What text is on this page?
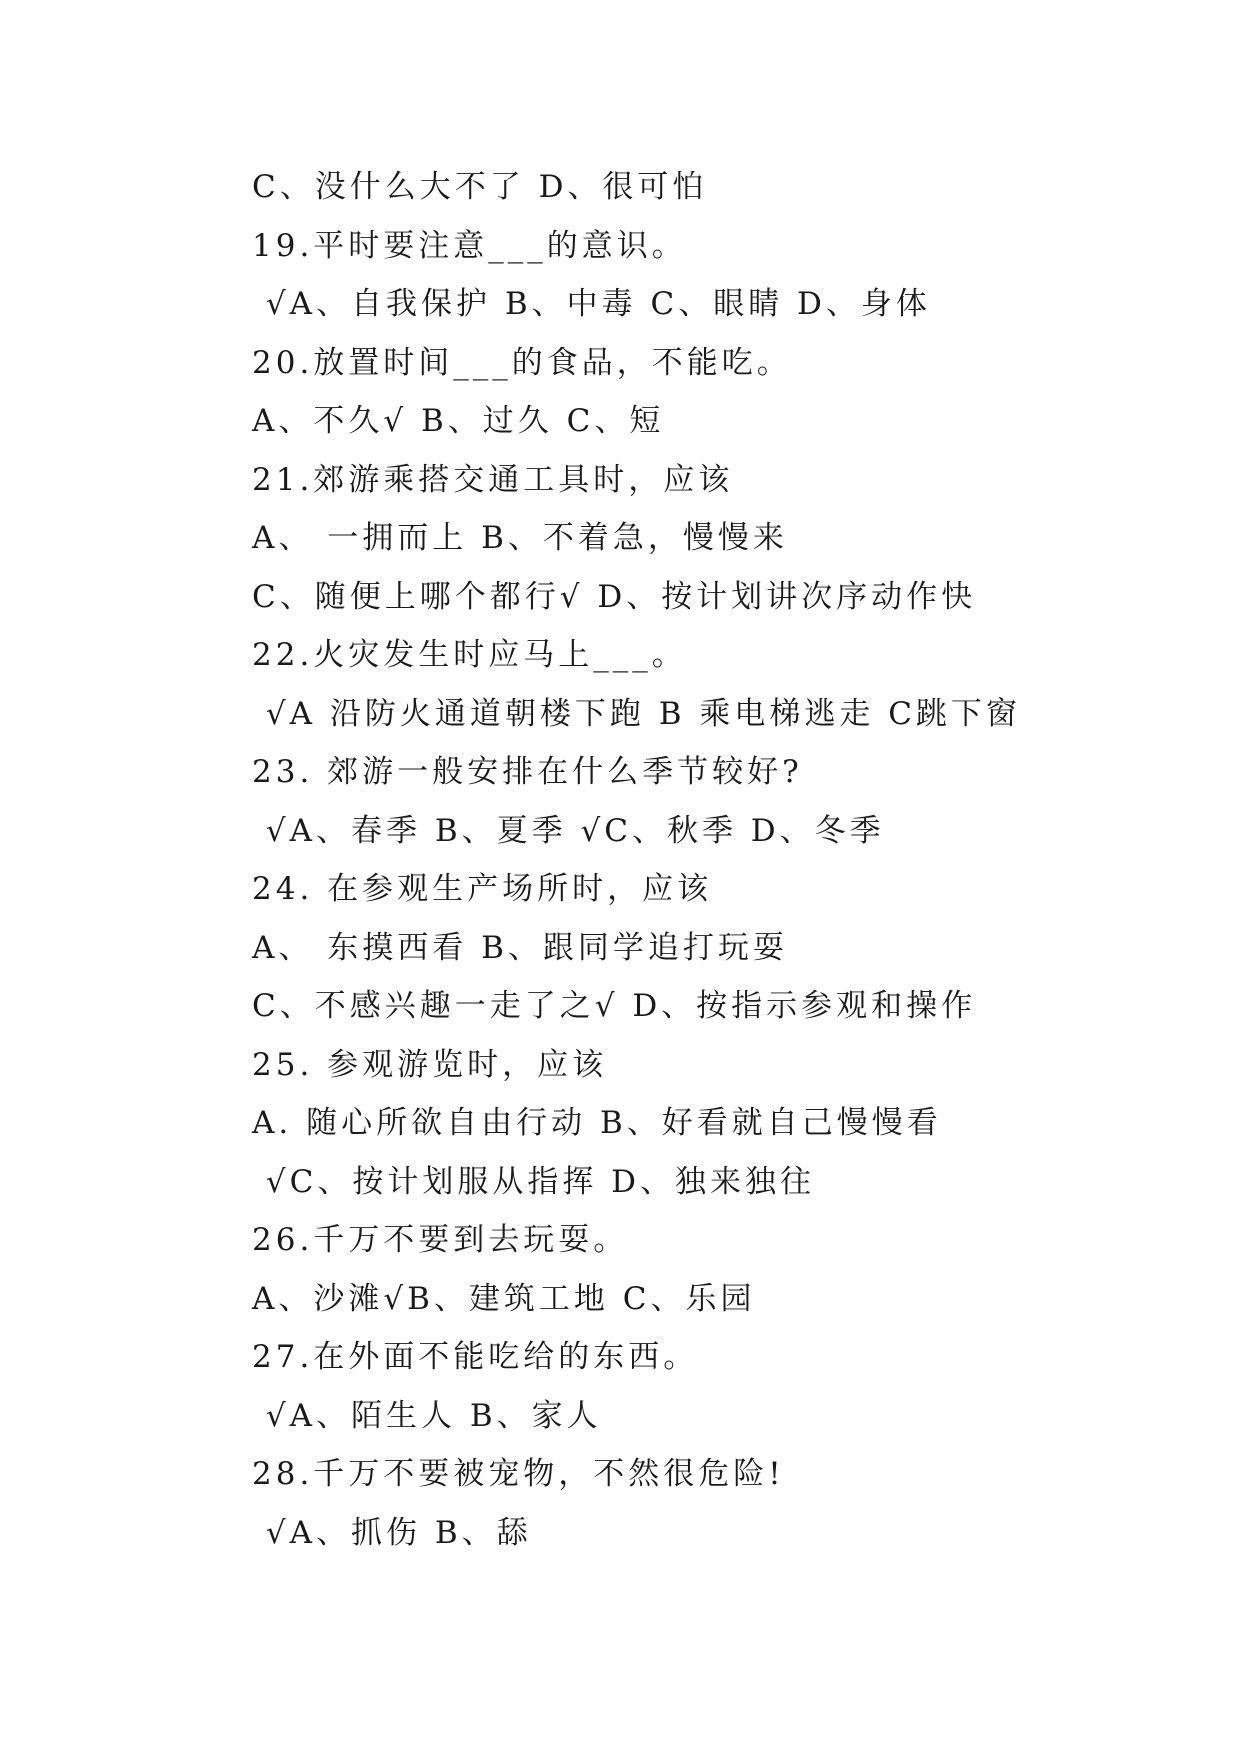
C、没什么大不了 D、很可怕
19.平时要注意___的意识。
√A、自我保护 B、中毒 C、眼睛 D、身体
20.放置时间___的食品，不能吃。
A、不久√ B、过久 C、短
21.郊游乘搭交通工具时，应该
A、 一拥而上 B、不着急，慢慢来
C、随便上哪个都行√ D、按计划讲次序动作快
22.火灾发生时应马上___。
√A 沿防火通道朝楼下跑 B 乘电梯逃走 C跳下窗
23. 郊游一般安排在什么季节较好?
√A、春季 B、夏季 √C、秋季 D、冬季
24. 在参观生产场所时，应该
A、 东摸西看 B、跟同学追打玩耍
C、不感兴趣一走了之√ D、按指示参观和操作
25. 参观游览时，应该
A. 随心所欲自由行动 B、好看就自己慢慢看
√C、按计划服从指挥 D、独来独往
26.千万不要到去玩耍。
A、沙滩√B、建筑工地 C、乐园
27.在外面不能吃给的东西。
√A、陌生人 B、家人
28.千万不要被宠物，不然很危险!
√A、抓伤 B、舔
